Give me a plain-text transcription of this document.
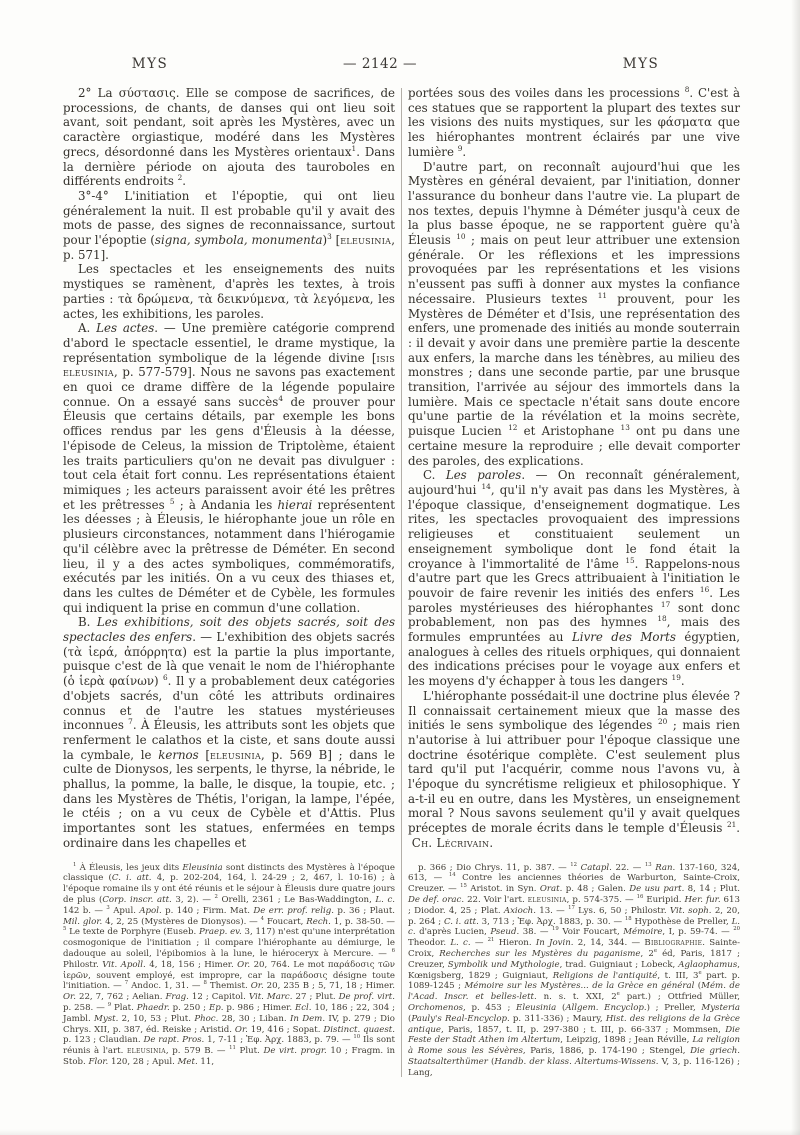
MYS	— 2142 —	MYS

2° La σύστασις. Elle se compose de sacrifices, de processions, de chants, de danses qui ont lieu soit avant, soit pendant, soit après les Mystères, avec un caractère orgiastique, modéré dans les Mystères grecs, désordonné dans les Mystères orientaux$^1$. Dans la dernière période on ajouta des tauroboles en différents endroits $^2$.

3°-4° L'initiation et l'époptie, qui ont lieu généralement la nuit. Il est probable qu'il y avait des mots de passe, des signes de reconnaissance, surtout pour l'époptie (signa, symbola, monumenta)$^3$ [eleusinia, p. 571].

Les spectacles et les enseignements des nuits mystiques se ramènent, d'après les textes, à trois parties : τὰ δρώμενα, τὰ δεικνύμενα, τὰ λεγόμενα, les actes, les exhibitions, les paroles.

A. Les actes. — Une première catégorie comprend d'abord le spectacle essentiel, le drame mystique, la représentation symbolique de la légende divine [isis eleusinia, p. 577-579]. Nous ne savons pas exactement en quoi ce drame diffère de la légende populaire connue. On a essayé sans succès$^4$ de prouver pour Éleusis que certains détails, par exemple les bons offices rendus par les gens d'Éleusis à la déesse, l'épisode de Celeus, la mission de Triptolème, étaient les traits particuliers qu'on ne devait pas divulguer : tout cela était fort connu. Les représentations étaient mimiques ; les acteurs paraissent avoir été les prêtres et les prêtresses $^5$ ; à Andania les hierai représentent les déesses ; à Éleusis, le hiérophante joue un rôle en plusieurs circonstances, notamment dans l'hiérogamie qu'il célèbre avec la prêtresse de Déméter. En second lieu, il y a des actes symboliques, commémoratifs, exécutés par les initiés. On a vu ceux des thiases et, dans les cultes de Déméter et de Cybèle, les formules qui indiquent la prise en commun d'une collation.

B. Les exhibitions, soit des objets sacrés, soit des spectacles des enfers. — L'exhibition des objets sacrés (τὰ ἱερά, ἀπόρρητα) est la partie la plus importante, puisque c'est de là que venait le nom de l'hiérophante (ὁ ἱερὰ φαίνων) $^6$. Il y a probablement deux catégories d'objets sacrés, d'un côté les attributs ordinaires connus et de l'autre les statues mystérieuses inconnues $^7$. À Éleusis, les attributs sont les objets que renferment le calathos et la ciste, et sans doute aussi la cymbale, le kernos [eleusinia, p. 569 B] ; dans le culte de Dionysos, les serpents, le thyrse, la nébride, le phallus, la pomme, la balle, le disque, la toupie, etc. ; dans les Mystères de Thétis, l'origan, la lampe, l'épée, le ctéis ; on a vu ceux de Cybèle et d'Attis. Plus importantes sont les statues, enfermées en temps ordinaire dans les chapelles et

$^1$ À Éleusis, les jeux dits Eleusinia sont distincts des Mystères à l'époque classique (C. i. att. 4, p. 202-204, 164, l. 24-29 ; 2, 467, l. 10-16) ; à l'époque romaine ils y ont été réunis et le séjour à Éleusis dure quatre jours de plus (Corp. inscr. att. 3, 2). — $^2$ Orelli, 2361 ; Le Bas-Waddington, L. c. 142 b. — $^3$ Apul. Apol. p. 140 ; Firm. Mat. De err. prof. relig. p. 36 ; Plaut. Mil. glor. 4, 2, 25 (Mystères de Dionysos). — $^4$ Foucart, Rech. 1, p. 38-50. — $^5$ Le texte de Porphyre (Euseb. Praep. ev. 3, 117) n'est qu'une interprétation cosmogonique de l'initiation ; il compare l'hiérophante au démiurge, le dadouque au soleil, l'épibomios à la lune, le hiéroceryx à Mercure. — $^6$ Philostr. Vit. Apoll. 4, 18, 156 ; Himer. Or. 20, 764. Le mot παράδοσις τῶν ἱερῶν, souvent employé, est impropre, car la παράδοσις désigne toute l'initiation. — $^7$ Andoc. 1, 31. — $^8$ Themist. Or. 20, 235 B ; 5, 71, 18 ; Himer. Or. 22, 7, 762 ; Aelian. Frag. 12 ; Capitol. Vit. Marc. 27 ; Plut. De prof. virt. p. 258. — $^9$ Plat. Phaedr. p. 250 ; Ep. p. 986 ; Himer. Ecl. 10, 186 ; 22, 304 ; Jambl. Myst. 2, 10, 53 ; Plut. Phoc. 28, 30 ; Liban. In Dem. IV, p. 279 ; Dio Chrys. XII, p. 387, éd. Reiske ; Aristid. Or. 19, 416 ; Sopat. Distinct. quaest. p. 123 ; Claudian. De rapt. Pros. 1, 7-11 ; Ἐφ. Ἀρχ. 1883, p. 79. — $^{10}$ Ils sont réunis à l'art. eleusinia, p. 579 B. — $^{11}$ Plut. De virt. progr. 10 ; Fragm. in Stob. Flor. 120, 28 ; Apul. Met. 11,

portées sous des voiles dans les processions $^8$. C'est à ces statues que se rapportent la plupart des textes sur les visions des nuits mystiques, sur les φάσματα que les hiérophantes montrent éclairés par une vive lumière $^9$.

D'autre part, on reconnaît aujourd'hui que les Mystères en général devaient, par l'initiation, donner l'assurance du bonheur dans l'autre vie. La plupart de nos textes, depuis l'hymne à Déméter jusqu'à ceux de la plus basse époque, ne se rapportent guère qu'à Éleusis $^{10}$ ; mais on peut leur attribuer une extension générale. Or les réflexions et les impressions provoquées par les représentations et les visions n'eussent pas suffi à donner aux mystes la confiance nécessaire. Plusieurs textes $^{11}$ prouvent, pour les Mystères de Déméter et d'Isis, une représentation des enfers, une promenade des initiés au monde souterrain : il devait y avoir dans une première partie la descente aux enfers, la marche dans les ténèbres, au milieu des monstres ; dans une seconde partie, par une brusque transition, l'arrivée au séjour des immortels dans la lumière. Mais ce spectacle n'était sans doute encore qu'une partie de la révélation et la moins secrète, puisque Lucien $^{12}$ et Aristophane $^{13}$ ont pu dans une certaine mesure la reproduire ; elle devait comporter des paroles, des explications.

C. Les paroles. — On reconnaît généralement, aujourd'hui $^{14}$, qu'il n'y avait pas dans les Mystères, à l'époque classique, d'enseignement dogmatique. Les rites, les spectacles provoquaient des impressions religieuses et constituaient seulement un enseignement symbolique dont le fond était la croyance à l'immortalité de l'âme $^{15}$. Rappelons-nous d'autre part que les Grecs attribuaient à l'initiation le pouvoir de faire revenir les initiés des enfers $^{16}$. Les paroles mystérieuses des hiérophantes $^{17}$ sont donc probablement, non pas des hymnes $^{18}$, mais des formules empruntées au Livre des Morts égyptien, analogues à celles des rituels orphiques, qui donnaient des indications précises pour le voyage aux enfers et les moyens d'y échapper à tous les dangers $^{19}$.

L'hiérophante possédait-il une doctrine plus élevée ? Il connaissait certainement mieux que la masse des initiés le sens symbolique des légendes $^{20}$ ; mais rien n'autorise à lui attribuer pour l'époque classique une doctrine ésotérique complète. C'est seulement plus tard qu'il put l'acquérir, comme nous l'avons vu, à l'époque du syncrétisme religieux et philosophique. Y a-t-il eu en outre, dans les Mystères, un enseignement moral ? Nous savons seulement qu'il y avait quelques préceptes de morale écrits dans le temple d'Éleusis $^{21}$.  Ch. Lécrivain.

p. 366 ; Dio Chrys. 11, p. 387. — $^{12}$ Catapl. 22. — $^{13}$ Ran. 137-160, 324, 613, — $^{14}$ Contre les anciennes théories de Warburton, Sainte-Croix, Creuzer. — $^{15}$ Aristot. in Syn. Orat. p. 48 ; Galen. De usu part. 8, 14 ; Plut. De def. orac. 22. Voir l'art. eleusinia, p. 574-375. — $^{16}$ Euripid. Her. fur. 613 ; Diodor. 4, 25 ; Plat. Axioch. 13. — $^{17}$ Lys. 6, 50 ; Philostr. Vit. soph. 2, 20, p. 264 ; C. i. att. 3, 713 ; Ἐφ. Ἀρχ. 1883, p. 30. — $^{18}$ Hypothèse de Preller, L. c. d'après Lucien, Pseud. 38. — $^{19}$ Voir Foucart, Mémoire, I, p. 59-74. — $^{20}$ Theodor. L. c. — $^{21}$ Hieron. In Jovin. 2, 14, 344. — Bibliographie. Sainte-Croix, Recherches sur les Mystères du paganisme, 2e éd, Paris, 1817 ; Creuzer, Symbolik und Mythologie, trad. Guigniaut ; Lobeck, Aglaophamus, Kœnigsberg, 1829 ; Guigniaut, Religions de l'antiquité, t. III, 3e part. p. 1089-1245 ; Mémoire sur les Mystères... de la Grèce en général (Mém. de l'Acad. Inscr. et belles-lett. n. s. t. XXI, 2e part.) ; Ottfried Müller, Orchomenos, p. 453 ; Eleusinia (Allgem. Encyclop.) ; Preller, Mysteria (Pauly's Real-Encyclop. p. 311-336) ; Maury, Hist. des religions de la Grèce antique, Paris, 1857, t. II, p. 297-380 ; t. III, p. 66-337 ; Mommsen, Die Feste der Stadt Athen im Altertum, Leipzig, 1898 ; Jean Réville, La religion à Rome sous les Sévères, Paris, 1886, p. 174-190 ; Stengel, Die griech. Staatsalterthümer (Handb. der klass. Altertums-Wissens. V, 3, p. 116-126) ; Lang,
